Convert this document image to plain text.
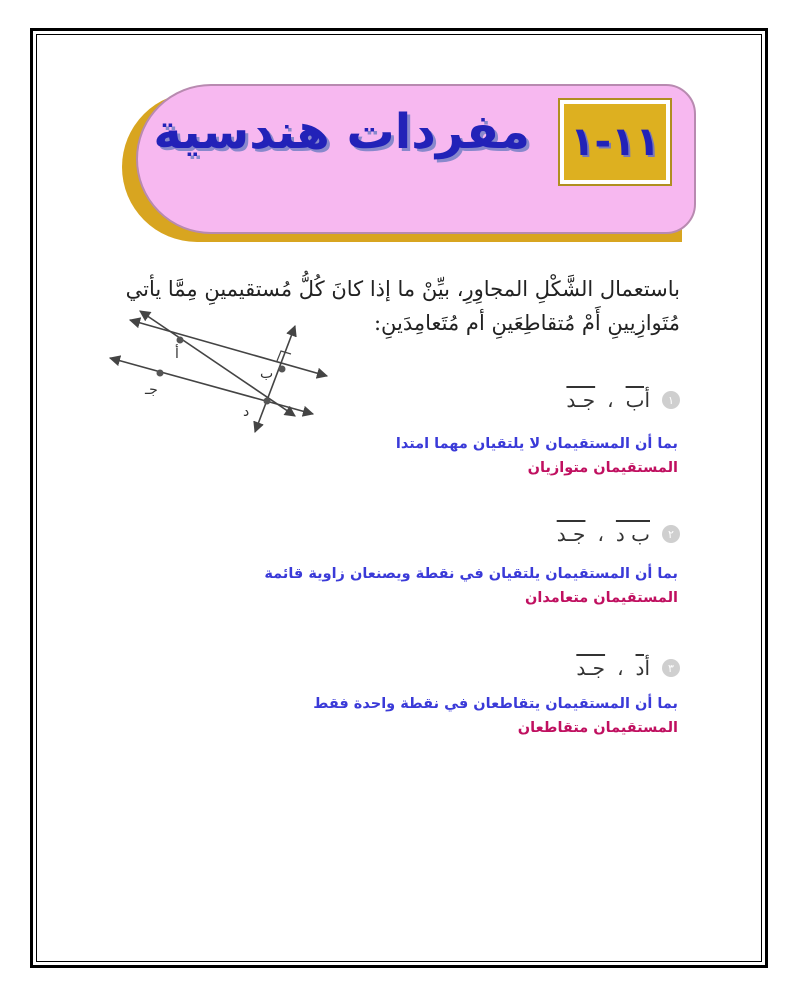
مفردات هندسية ١١-١
باستعمال الشَّكْلِ المجاوِرِ، بيِّنْ ما إذا كانَ كُلُّ مُستقيمينِ مِمَّا يأتي مُتَوازِيينِ أَمْ مُتقاطِعَينِ أم مُتَعامِدَينِ:
أ
ب
جـ
د
١
أب
،
جـد
بما أن المستقيمان لا يلتقيان مهما امتدا
المستقيمان متوازيان
٢
ب د
،
جـد
بما أن المستقيمان يلتقيان في نقطة ويصنعان زاوية قائمة
المستقيمان متعامدان
٣
أد
،
جـد
بما أن المستقيمان يتقاطعان في نقطة واحدة فقط
المستقيمان متقاطعان
